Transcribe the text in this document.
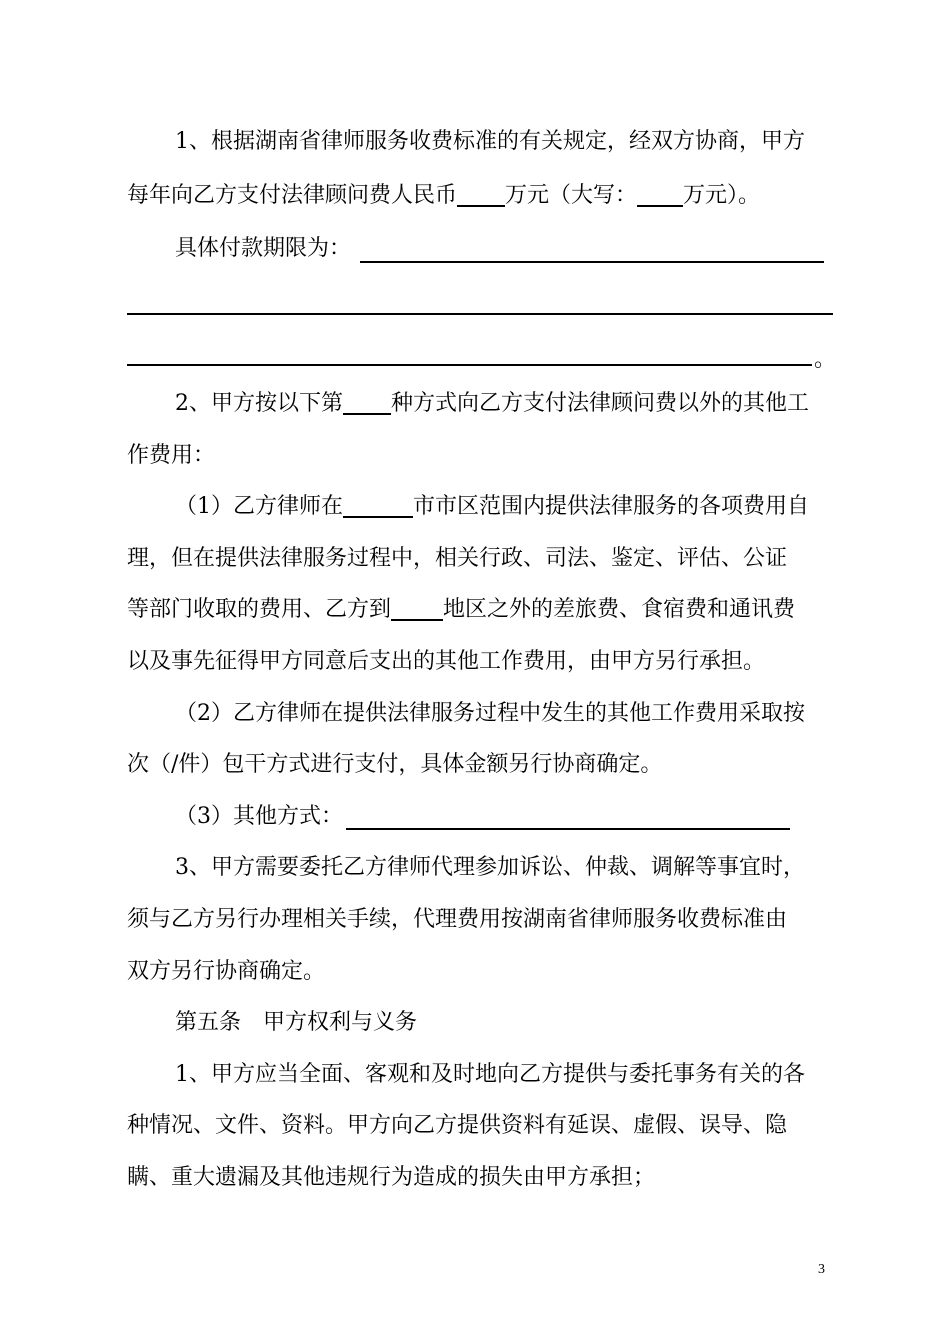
1、根据湖南省律师服务收费标准的有关规定，经双方协商，甲方
每年向乙方支付法律顾问费人民币 万元（大写： 万元）。
具体付款期限为：
。
2、甲方按以下第 种方式向乙方支付法律顾问费以外的其他工
作费用：
（1）乙方律师在	市市区范围内提供法律服务的各项费用自
理，但在提供法律服务过程中，相关行政、司法、鉴定、评估、公证
等部门收取的费用、乙方到 地区之外的差旅费、食宿费和通讯费
以及事先征得甲方同意后支出的其他工作费用，由甲方另行承担。
（2）乙方律师在提供法律服务过程中发生的其他工作费用采取按
次（/件）包干方式进行支付，具体金额另行协商确定。
（3）其他方式：
3、甲方需要委托乙方律师代理参加诉讼、仲裁、调解等事宜时，
须与乙方另行办理相关手续，代理费用按湖南省律师服务收费标准由
双方另行协商确定。
第五条　甲方权利与义务
1、甲方应当全面、客观和及时地向乙方提供与委托事务有关的各
种情况、文件、资料。甲方向乙方提供资料有延误、虚假、误导、隐
瞒、重大遗漏及其他违规行为造成的损失由甲方承担；
3
